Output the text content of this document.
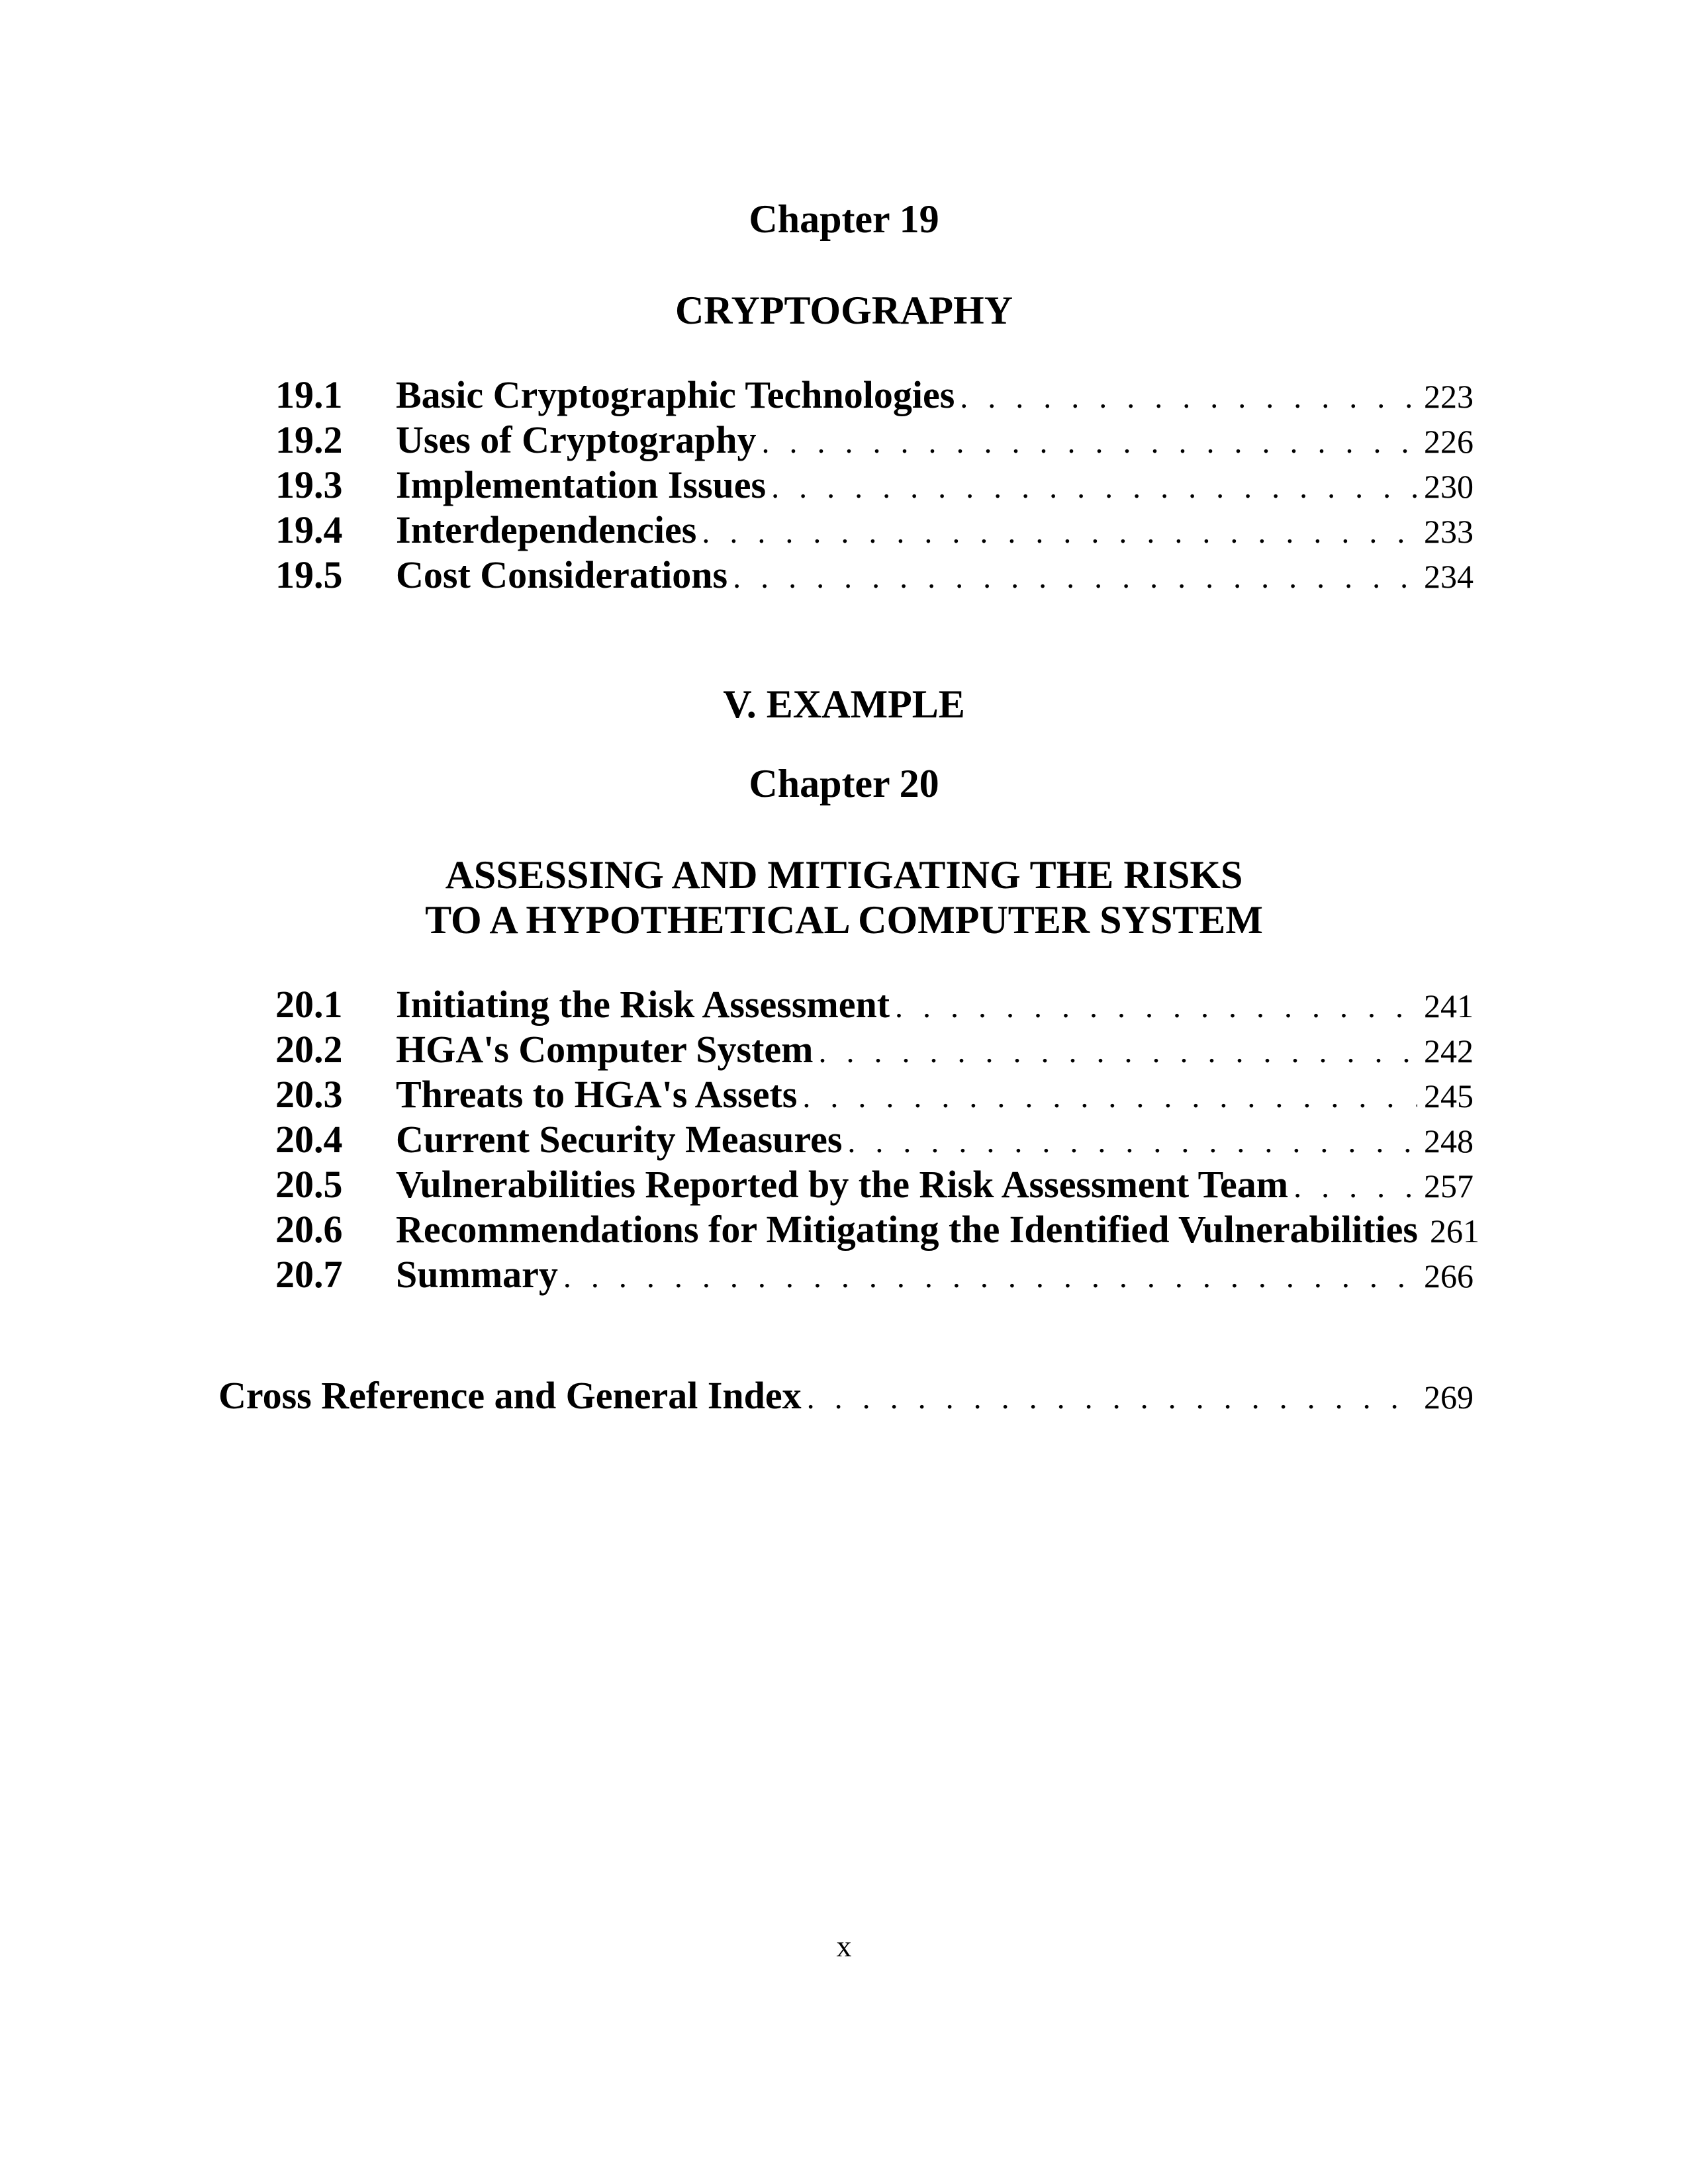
Chapter 19
CRYPTOGRAPHY
19.1	Basic Cryptographic Technologies . . .	223
19.2	Uses of Cryptography . . .	226
19.3	Implementation Issues . . .	230
19.4	Interdependencies . . .	233
19.5	Cost Considerations . . .	234
V. EXAMPLE
Chapter 20
ASSESSING AND MITIGATING THE RISKS
TO A HYPOTHETICAL COMPUTER SYSTEM
20.1	Initiating the Risk Assessment . . .	241
20.2	HGA's Computer System . . .	242
20.3	Threats to HGA's Assets . . .	245
20.4	Current Security Measures . . .	248
20.5	Vulnerabilities Reported by the Risk Assessment Team . . .	257
20.6	Recommendations for Mitigating the Identified Vulnerabilities . . . 261
20.7	Summary . . .	266
Cross Reference and General Index . . .	269
x
